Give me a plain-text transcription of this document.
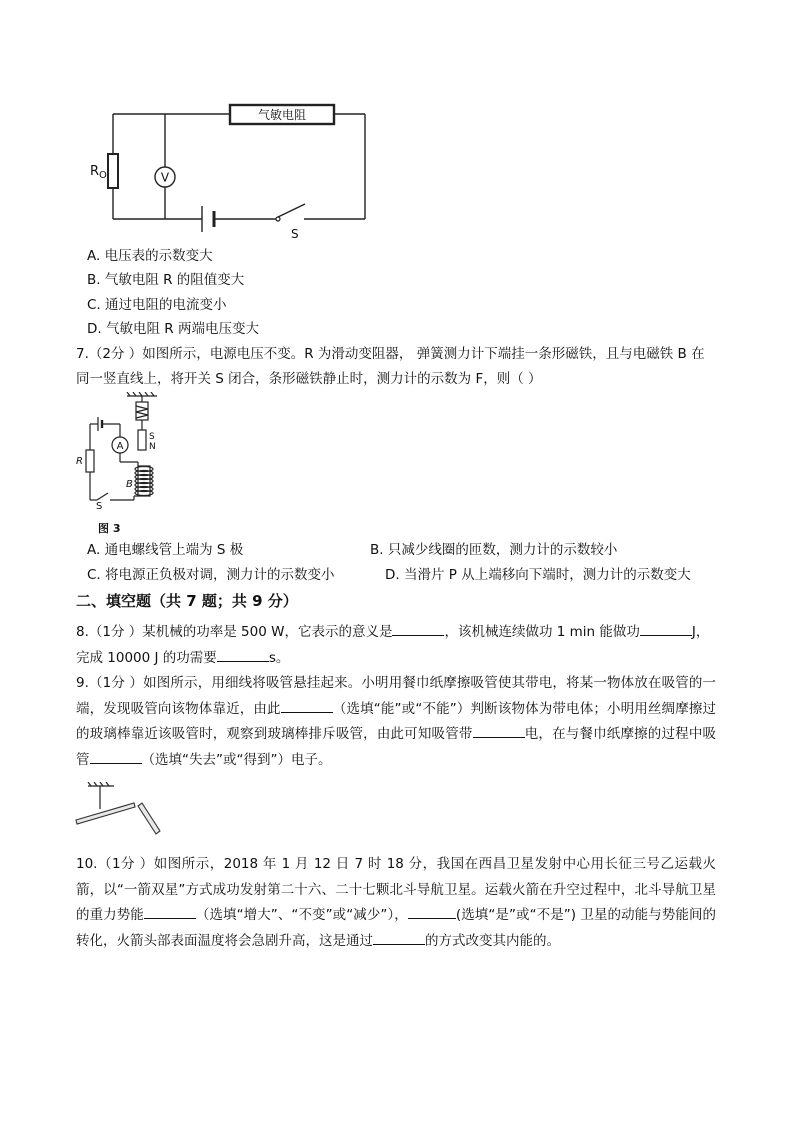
气敏电阻
$R_O$	V
S
A. 电压表的示数变大
B. 气敏电阻 R 的阻值变大
C. 通过电阻的电流变小
D. 气敏电阻 R 两端电压变大
7.（2分 ）如图所示，电源电压不变。R 为滑动变阻器， 弹簧测力计下端挂一条形磁铁，且与电磁铁 B 在
同一竖直线上，将开关 S 闭合，条形磁铁静止时，测力计的示数为 F，则（ ）
S
N
A
R
B
S
图 3
A. 通电螺线管上端为 S 极	B. 只减少线圈的匝数，测力计的示数较小
C. 将电源正负极对调，测力计的示数变小	D. 当滑片 P 从上端移向下端时，测力计的示数变大
二、填空题（共 7 题；共 9 分）
8.（1分 ）某机械的功率是 500 W，它表示的意义是	，该机械连续做功 1 min 能做功	J，
完成 10000 J 的功需要	s。
9.（1分 ）如图所示，用细线将吸管悬挂起来。小明用餐巾纸摩擦吸管使其带电，将某一物体放在吸管的一端，发现吸管向该物体靠近，由此	（选填“能”或“不能”）判断该物体为带电体；小明用丝绸摩擦过的玻璃棒靠近该吸管时，观察到玻璃棒排斥吸管，由此可知吸管带	电，在与餐巾纸摩擦的过程中吸管	（选填“失去”或“得到”）电子。
10.（1分 ）如图所示，2018 年 1 月 12 日 7 时 18 分，我国在西昌卫星发射中心用长征三号乙运载火箭，以“一箭双星”方式成功发射第二十六、二十七颗北斗导航卫星。运载火箭在升空过程中，北斗导航卫星的重力势能	（选填“增大”、“不变”或“减少”），	(选填“是”或“不是”) 卫星的动能与势能间的转化，火箭头部表面温度将会急剧升高，这是通过	的方式改变其内能的。
